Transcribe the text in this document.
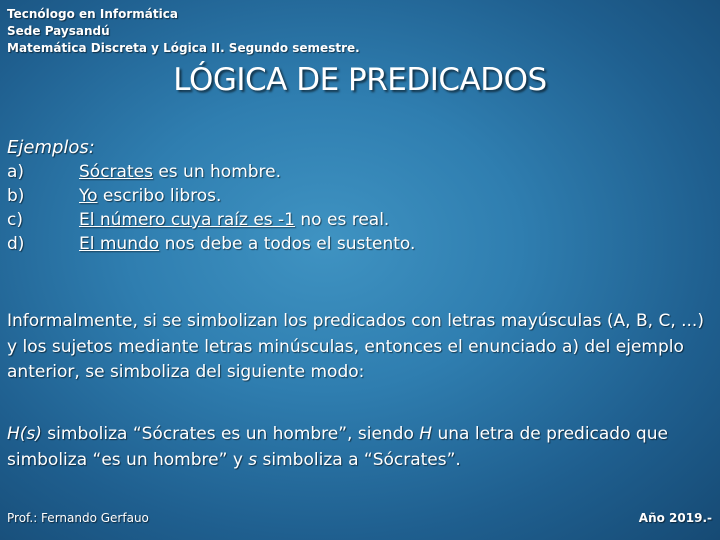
Tecnólogo en Informática
Sede Paysandú
Matemática Discreta y Lógica II. Segundo semestre.
LÓGICA DE PREDICADOS
Ejemplos:
a)	Sócrates es un hombre.
b)	Yo escribo libros.
c)	El número cuya raíz es -1 no es real.
d)	El mundo nos debe a todos el sustento.
Informalmente, si se simbolizan los predicados con letras mayúsculas (A, B, C, ...) y los sujetos mediante letras minúsculas, entonces el enunciado a) del ejemplo anterior, se simboliza del siguiente modo:
H(s) simboliza “Sócrates es un hombre”, siendo H una letra de predicado que simboliza “es un hombre” y s simboliza a “Sócrates”.
Prof.: Fernando Gerfauo	Año 2019.-
